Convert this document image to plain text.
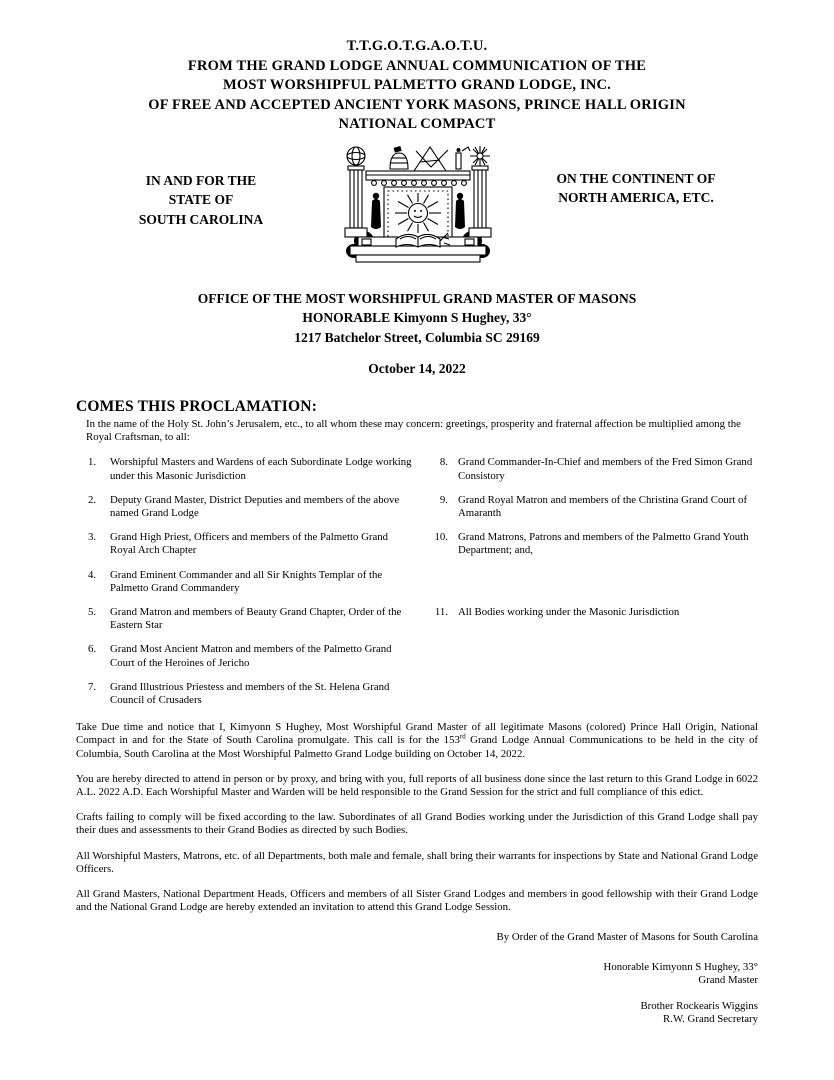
T.T.G.O.T.G.A.O.T.U.
FROM THE GRAND LODGE ANNUAL COMMUNICATION OF THE
MOST WORSHIPFUL PALMETTO GRAND LODGE, INC.
OF FREE AND ACCEPTED ANCIENT YORK MASONS, PRINCE HALL ORIGIN
NATIONAL COMPACT
IN AND FOR THE
STATE OF
SOUTH CAROLINA
ON THE CONTINENT OF
NORTH AMERICA, ETC.
OFFICE OF THE MOST WORSHIPFUL GRAND MASTER OF MASONS
HONORABLE Kimyonn S Hughey, 33°
1217 Batchelor Street, Columbia SC 29169
October 14, 2022
COMES THIS PROCLAMATION:
In the name of the Holy St. John’s Jerusalem, etc., to all whom these may concern: greetings, prosperity and fraternal affection be multiplied among the Royal Craftsman, to all:
1.	Worshipful Masters and Wardens of each Subordinate Lodge working under this Masonic Jurisdiction
8. Grand Commander-In-Chief and members of the Fred Simon Grand Consistory
2.	Deputy Grand Master, District Deputies and members of the above named Grand Lodge
9. Grand Royal Matron and members of the Christina Grand Court of Amaranth
3.	Grand High Priest, Officers and members of the Palmetto Grand Royal Arch Chapter
10. Grand Matrons, Patrons and members of the Palmetto Grand Youth Department; and,
4.	Grand Eminent Commander and all Sir Knights Templar of the Palmetto Grand Commandery
5.	Grand Matron and members of Beauty Grand Chapter, Order of the Eastern Star
11. All Bodies working under the Masonic Jurisdiction
6.	Grand Most Ancient Matron and members of the Palmetto Grand Court of the Heroines of Jericho
7.	Grand Illustrious Priestess and members of the St. Helena Grand Council of Crusaders

Take Due time and notice that I, Kimyonn S Hughey, Most Worshipful Grand Master of all legitimate Masons (colored) Prince Hall Origin, National Compact in and for the State of South Carolina promulgate. This call is for the 153rd Grand Lodge Annual Communications to be held in the city of Columbia, South Carolina at the Most Worshipful Palmetto Grand Lodge building on October 14, 2022.

You are hereby directed to attend in person or by proxy, and bring with you, full reports of all business done since the last return to this Grand Lodge in 6022 A.L. 2022 A.D. Each Worshipful Master and Warden will be held responsible to the Grand Session for the strict and full compliance of this edict.

Crafts failing to comply will be fixed according to the law. Subordinates of all Grand Bodies working under the Jurisdiction of this Grand Lodge shall pay their dues and assessments to their Grand Bodies as directed by such Bodies.

All Worshipful Masters, Matrons, etc. of all Departments, both male and female, shall bring their warrants for inspections by State and National Grand Lodge Officers.

All Grand Masters, National Department Heads, Officers and members of all Sister Grand Lodges and members in good fellowship with their Grand Lodge and the National Grand Lodge are hereby extended an invitation to attend this Grand Lodge Session.

By Order of the Grand Master of Masons for South Carolina
Honorable Kimyonn S Hughey, 33°
Grand Master
Brother Rockearis Wiggins
R.W. Grand Secretary
